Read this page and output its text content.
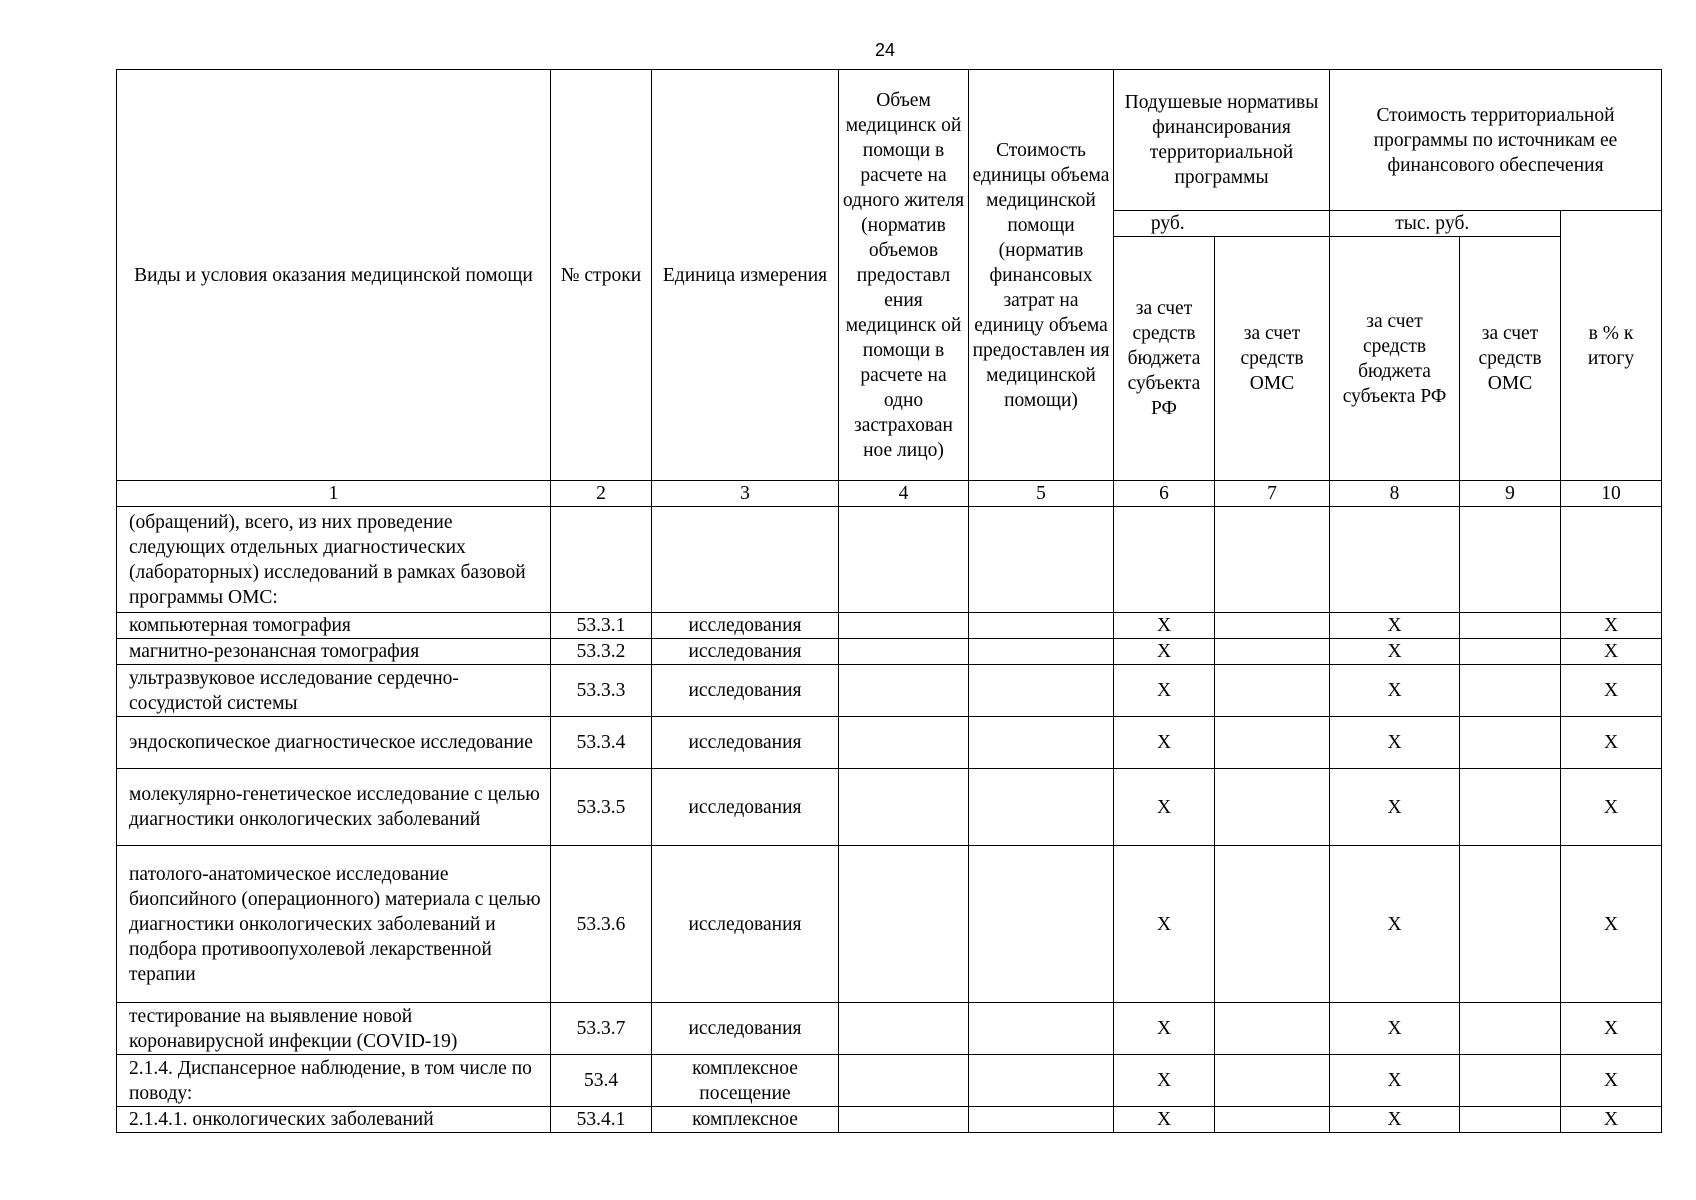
24
Виды и условия оказания медицинской помощи	№ строки	Единица измерения	Объем медицинск ой помощи в расчете на одного жителя (норматив объемов предоставл ения медицинск ой помощи в расчете на одно застрахован ное лицо)	Стоимость единицы объема медицинской помощи (норматив финансовых затрат на единицу объема предоставлен ия медицинской помощи)	Подушевые нормативы финансирования территориальной программы		Стоимость территориальной программы по источникам ее финансового обеспечения		

					руб.		тыс. р уб.		в % к итогу
					за счет средств бюджета субъекта РФ	за счет средств ОМС	за счет средств бюджета субъекта РФ	за счет средств ОМС	
1	2	3	4	5	6	7	8	9	10
(обращений), всего, из них проведение следующих отдельных диагностических (лабораторных) исследований в рамках базовой программы ОМС:									
компьютерная томография	53.3.1	исследования			Х		Х		Х
магнитно-резонансная томография	53.3.2	исследования			Х		Х		Х
ультразвуковое исследование сердечно-сосудистой системы	53.3.3	исследования			Х		Х		Х
эндоскопическое диагностическое исследование	53.3.4	исследования			Х		Х		Х
молекулярно-генетическое исследование с целью диагностики онкологических заболеваний	53.3.5	исследования			Х		Х		Х
патолого-анатомическое исследование биопсийного (операционного) материала с целью диагностики онкологических заболеваний и подбора противоопухолевой лекарственной терапии	53.3.6	исследования			Х		Х		Х
тестирование на выявление новой коронавирусной инфекции (COVID-19)	53.3.7	исследования			Х		Х		Х
2.1.4. Диспансерное наблюдение, в том числе по поводу:	53.4	комплексное посещение			Х		Х		Х
2.1.4.1. онкологических заболеваний	53.4.1	комплексное			Х		Х		Х
